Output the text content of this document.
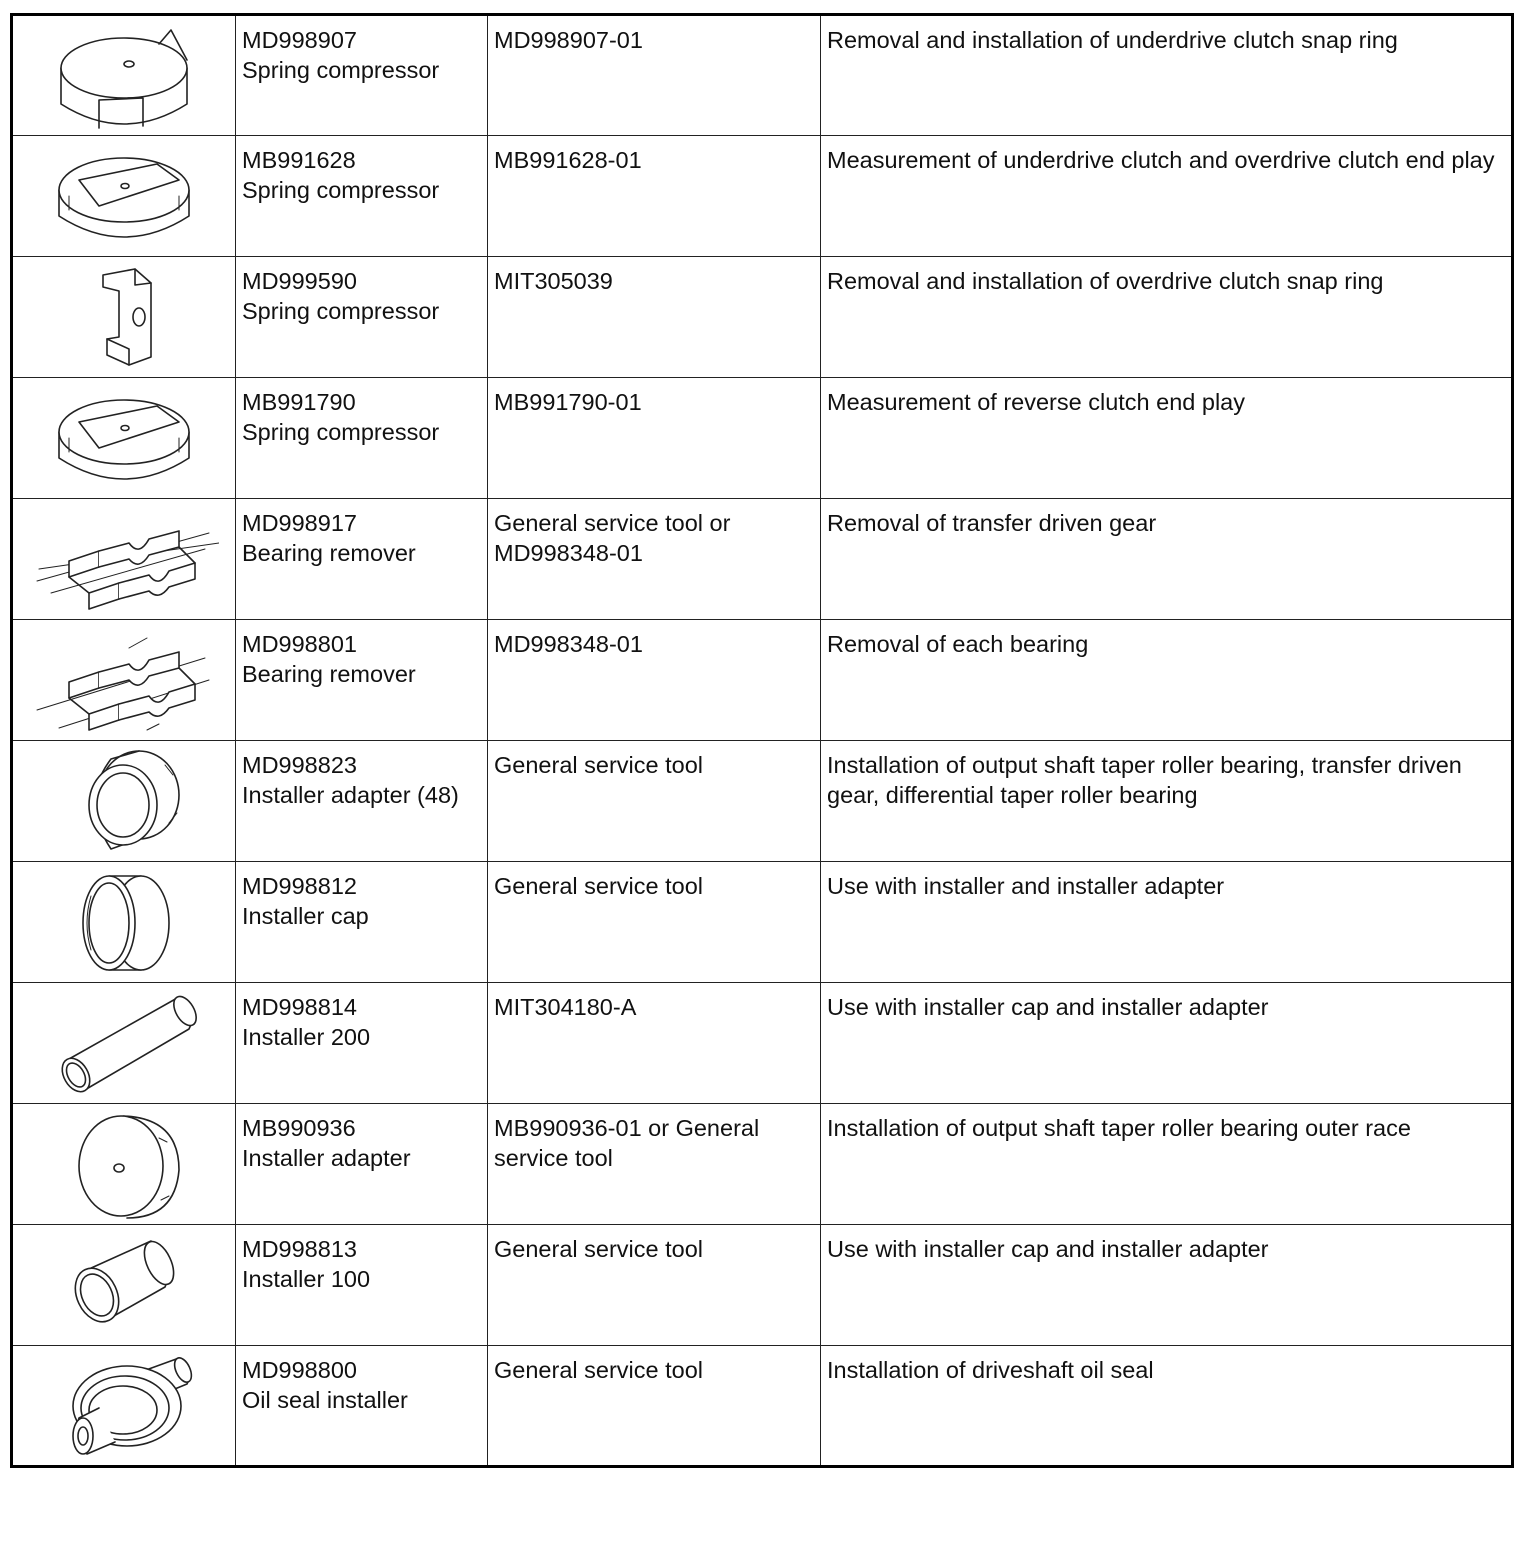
MD998907
Spring compressor	MD998907-01	Removal and installation of underdrive clutch snap ring

MB991628
Spring compressor	MB991628-01	Measurement of underdrive clutch and overdrive clutch end play

MD999590
Spring compressor	MIT305039	Removal and installation of overdrive clutch snap ring

MB991790
Spring compressor	MB991790-01	Measurement of reverse clutch end play

MD998917
Bearing remover	General service tool or MD998348-01	Removal of transfer driven gear

MD998801
Bearing remover	MD998348-01	Removal of each bearing

MD998823
Installer adapter (48)	General service tool	Installation of output shaft taper roller bearing, transfer driven gear, differential taper roller bearing

MD998812
Installer cap	General service tool	Use with installer and installer adapter

MD998814
Installer 200	MIT304180-A	Use with installer cap and installer adapter

MB990936
Installer adapter	MB990936-01 or General service tool	Installation of output shaft taper roller bearing outer race

MD998813
Installer 100	General service tool	Use with installer cap and installer adapter

MD998800
Oil seal installer	General service tool	Installation of driveshaft oil seal
